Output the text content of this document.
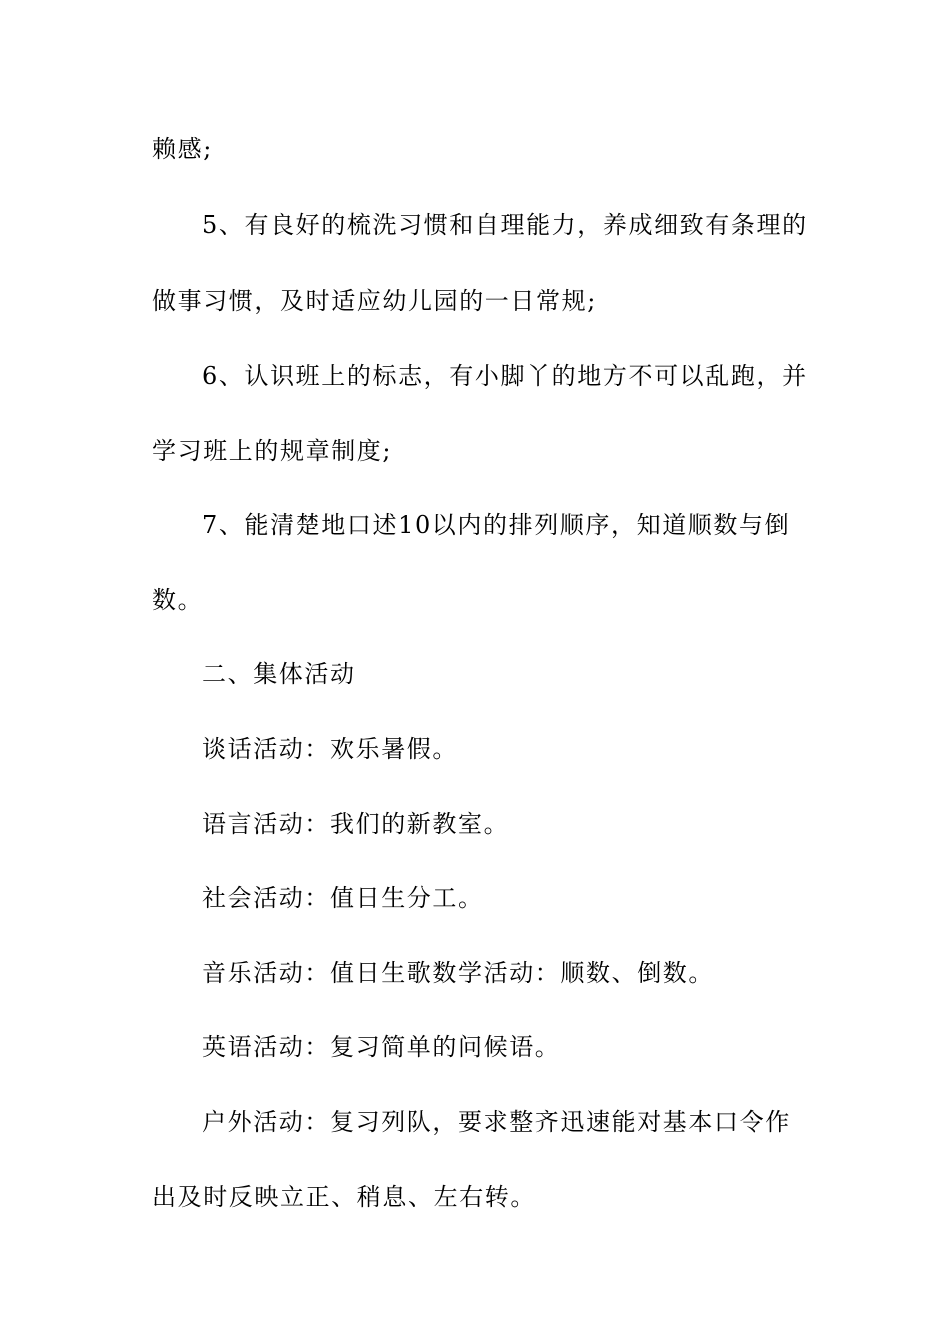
赖感;
5、有良好的梳洗习惯和自理能力，养成细致有条理的
做事习惯，及时适应幼儿园的一日常规;
6、认识班上的标志，有小脚丫的地方不可以乱跑，并
学习班上的规章制度;
7、能清楚地口述10以内的排列顺序，知道顺数与倒
数。
二、集体活动
谈话活动：欢乐暑假。
语言活动：我们的新教室。
社会活动：值日生分工。
音乐活动：值日生歌数学活动：顺数、倒数。
英语活动：复习简单的问候语。
户外活动：复习列队，要求整齐迅速能对基本口令作
出及时反映立正、稍息、左右转。
